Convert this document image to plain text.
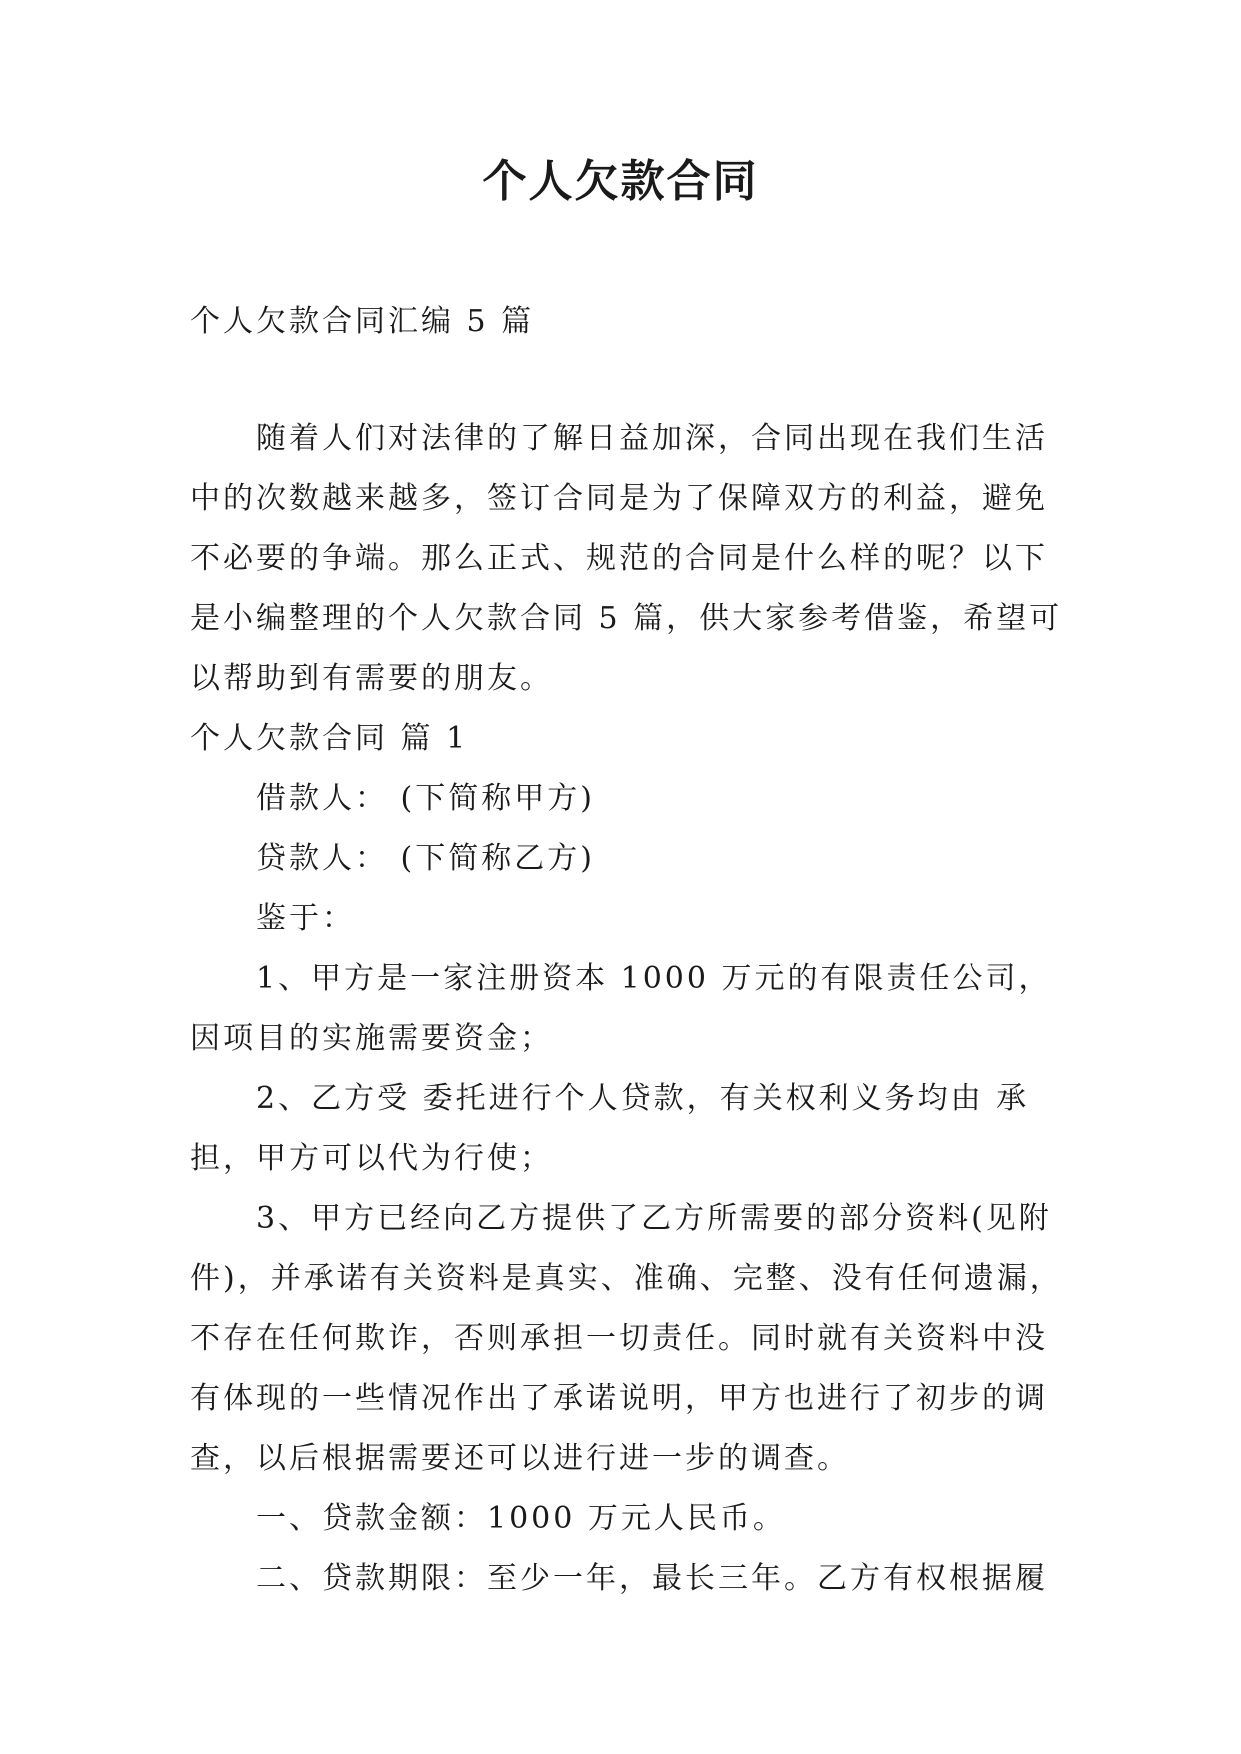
个人欠款合同

个人欠款合同汇编 5 篇

随着人们对法律的了解日益加深，合同出现在我们生活中的次数越来越多，签订合同是为了保障双方的利益，避免不必要的争端。那么正式、规范的合同是什么样的呢？以下是小编整理的个人欠款合同 5 篇，供大家参考借鉴，希望可以帮助到有需要的朋友。

个人欠款合同 篇 1

借款人： (下简称甲方)

贷款人： (下简称乙方)

鉴于：

1、甲方是一家注册资本 1000 万元的有限责任公司，因项目的实施需要资金；

2、乙方受 委托进行个人贷款，有关权利义务均由 承担，甲方可以代为行使；

3、甲方已经向乙方提供了乙方所需要的部分资料(见附件)，并承诺有关资料是真实、准确、完整、没有任何遗漏，不存在任何欺诈，否则承担一切责任。同时就有关资料中没有体现的一些情况作出了承诺说明，甲方也进行了初步的调查，以后根据需要还可以进行进一步的调查。

一、贷款金额：1000 万元人民币。

二、贷款期限：至少一年，最长三年。乙方有权根据履
